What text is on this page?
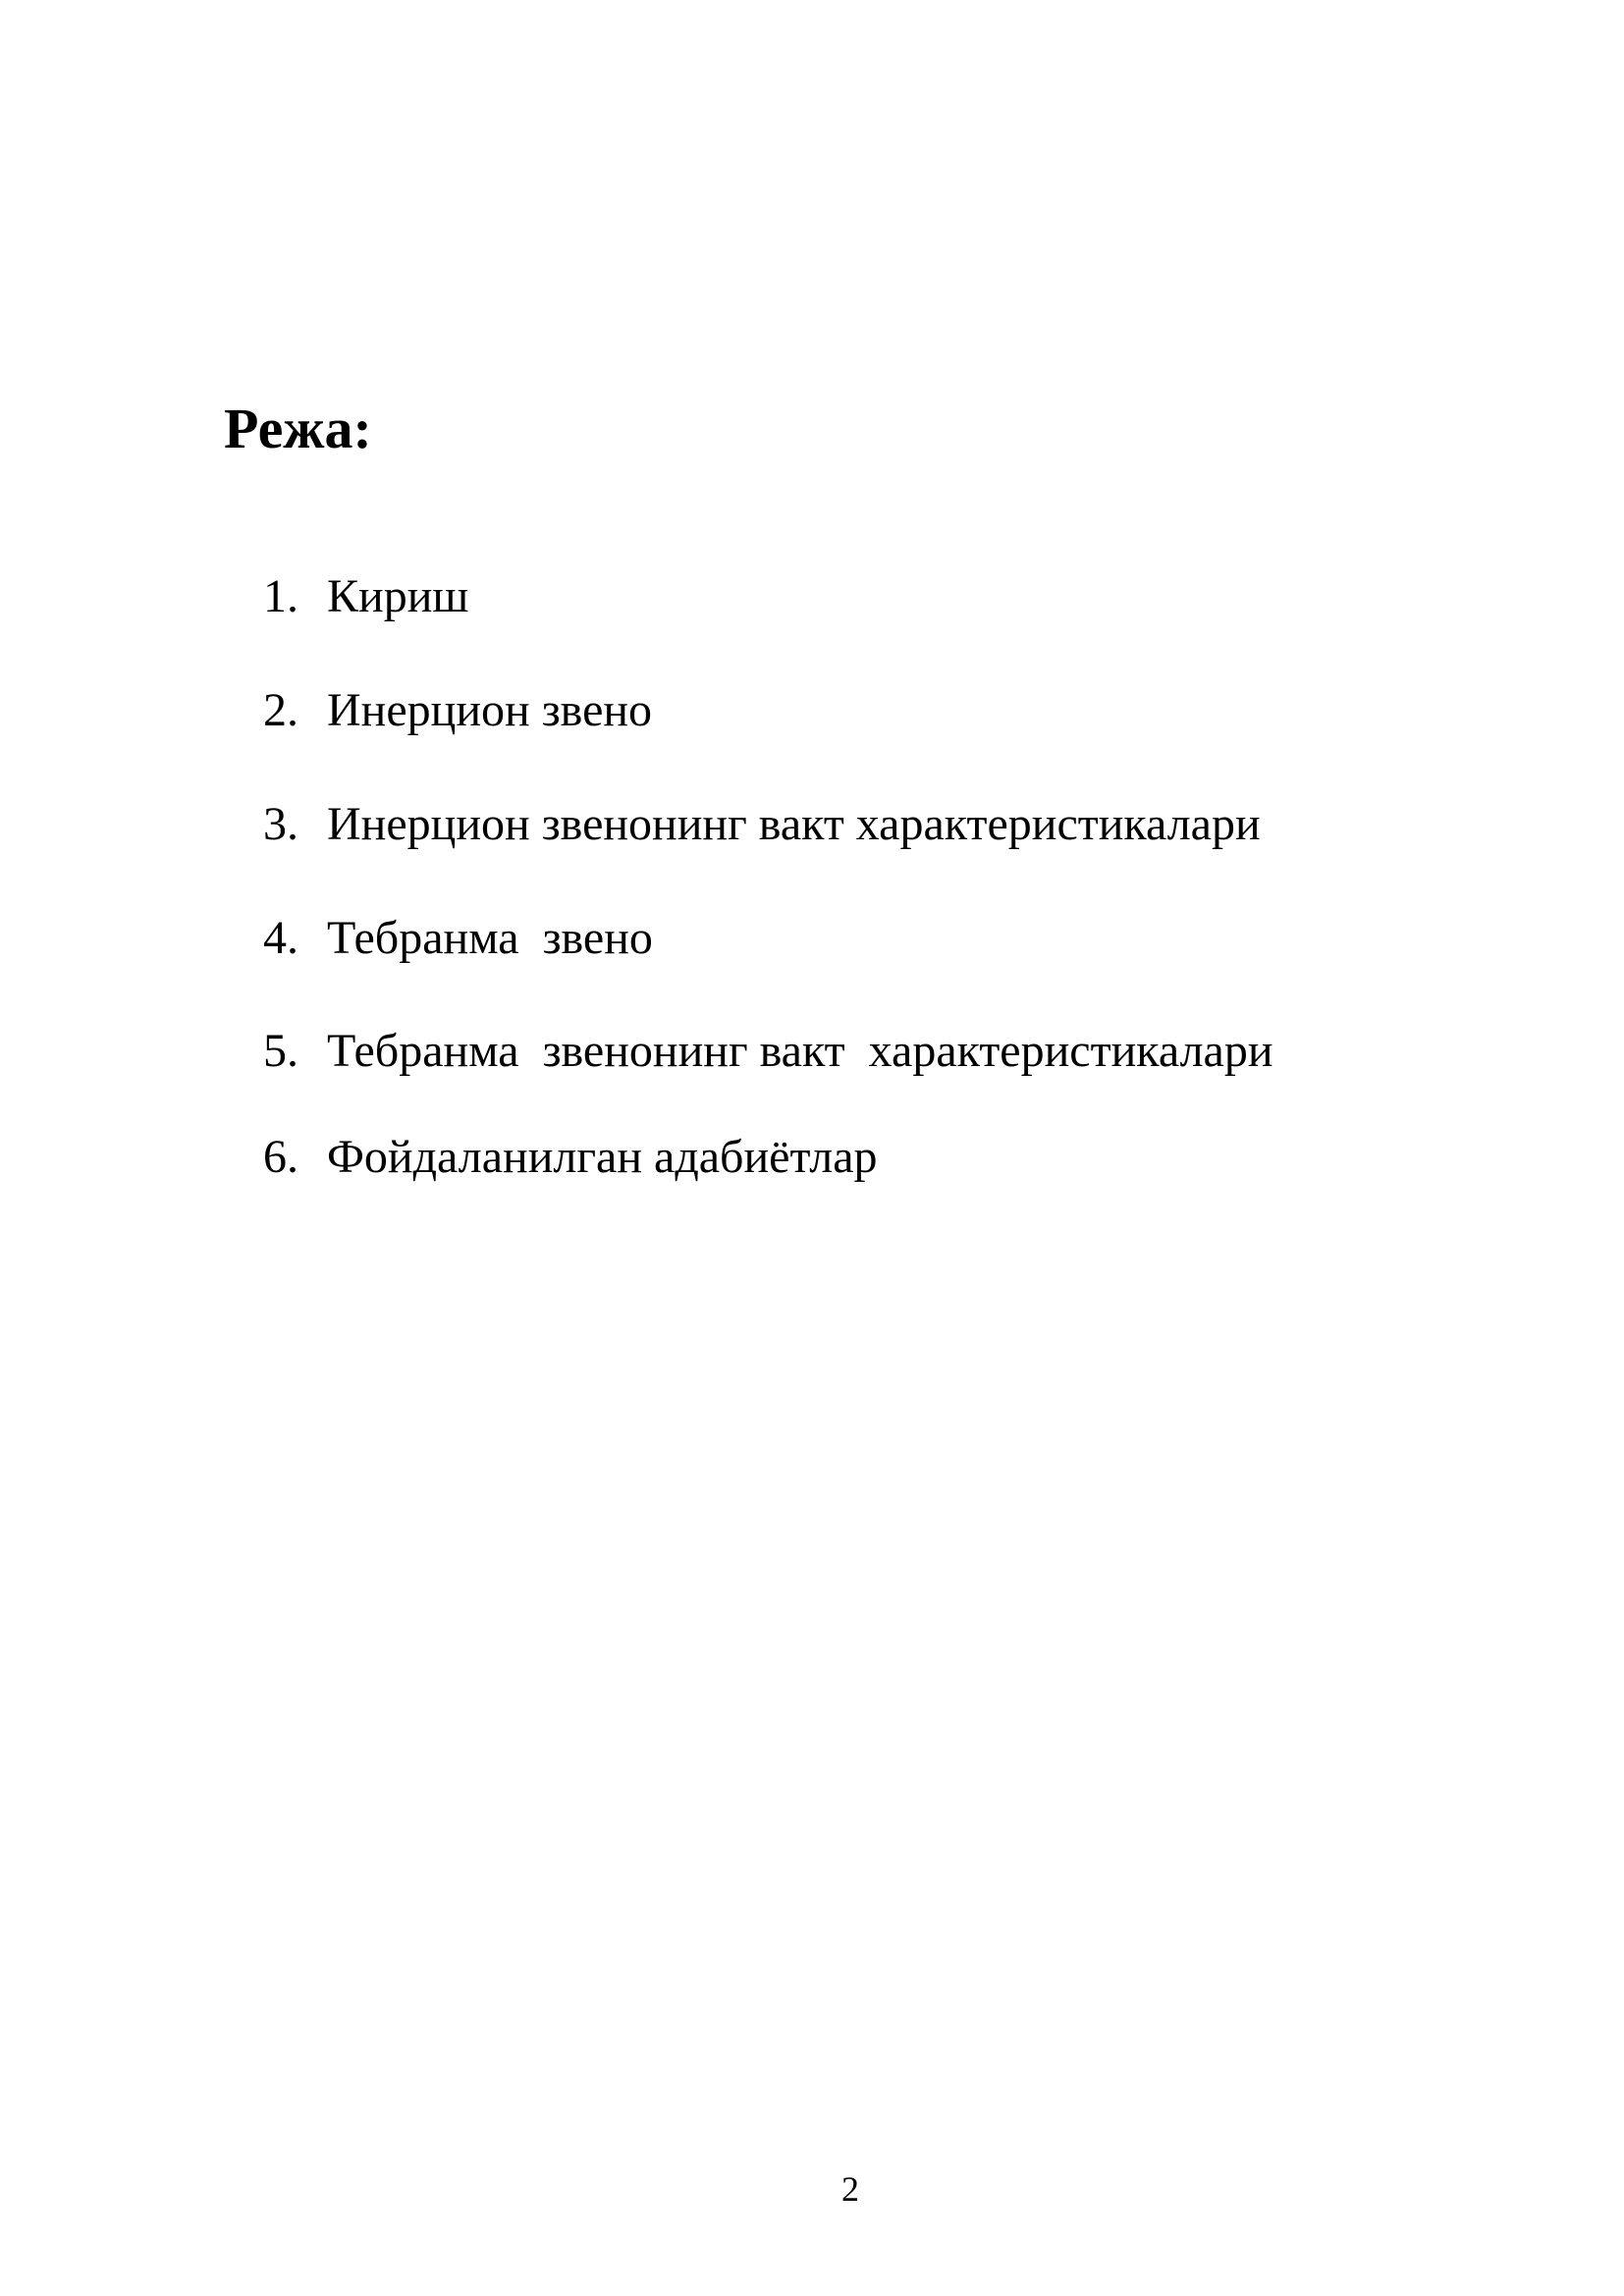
Режа:

1. Кириш

2. Инерцион звено

3. Инерцион звенонинг вакт характеристикалари

4. Тебранма  звено

5. Тебранма  звенонинг вакт  характеристикалари

6. Фойдаланилган адабиётлар

2
